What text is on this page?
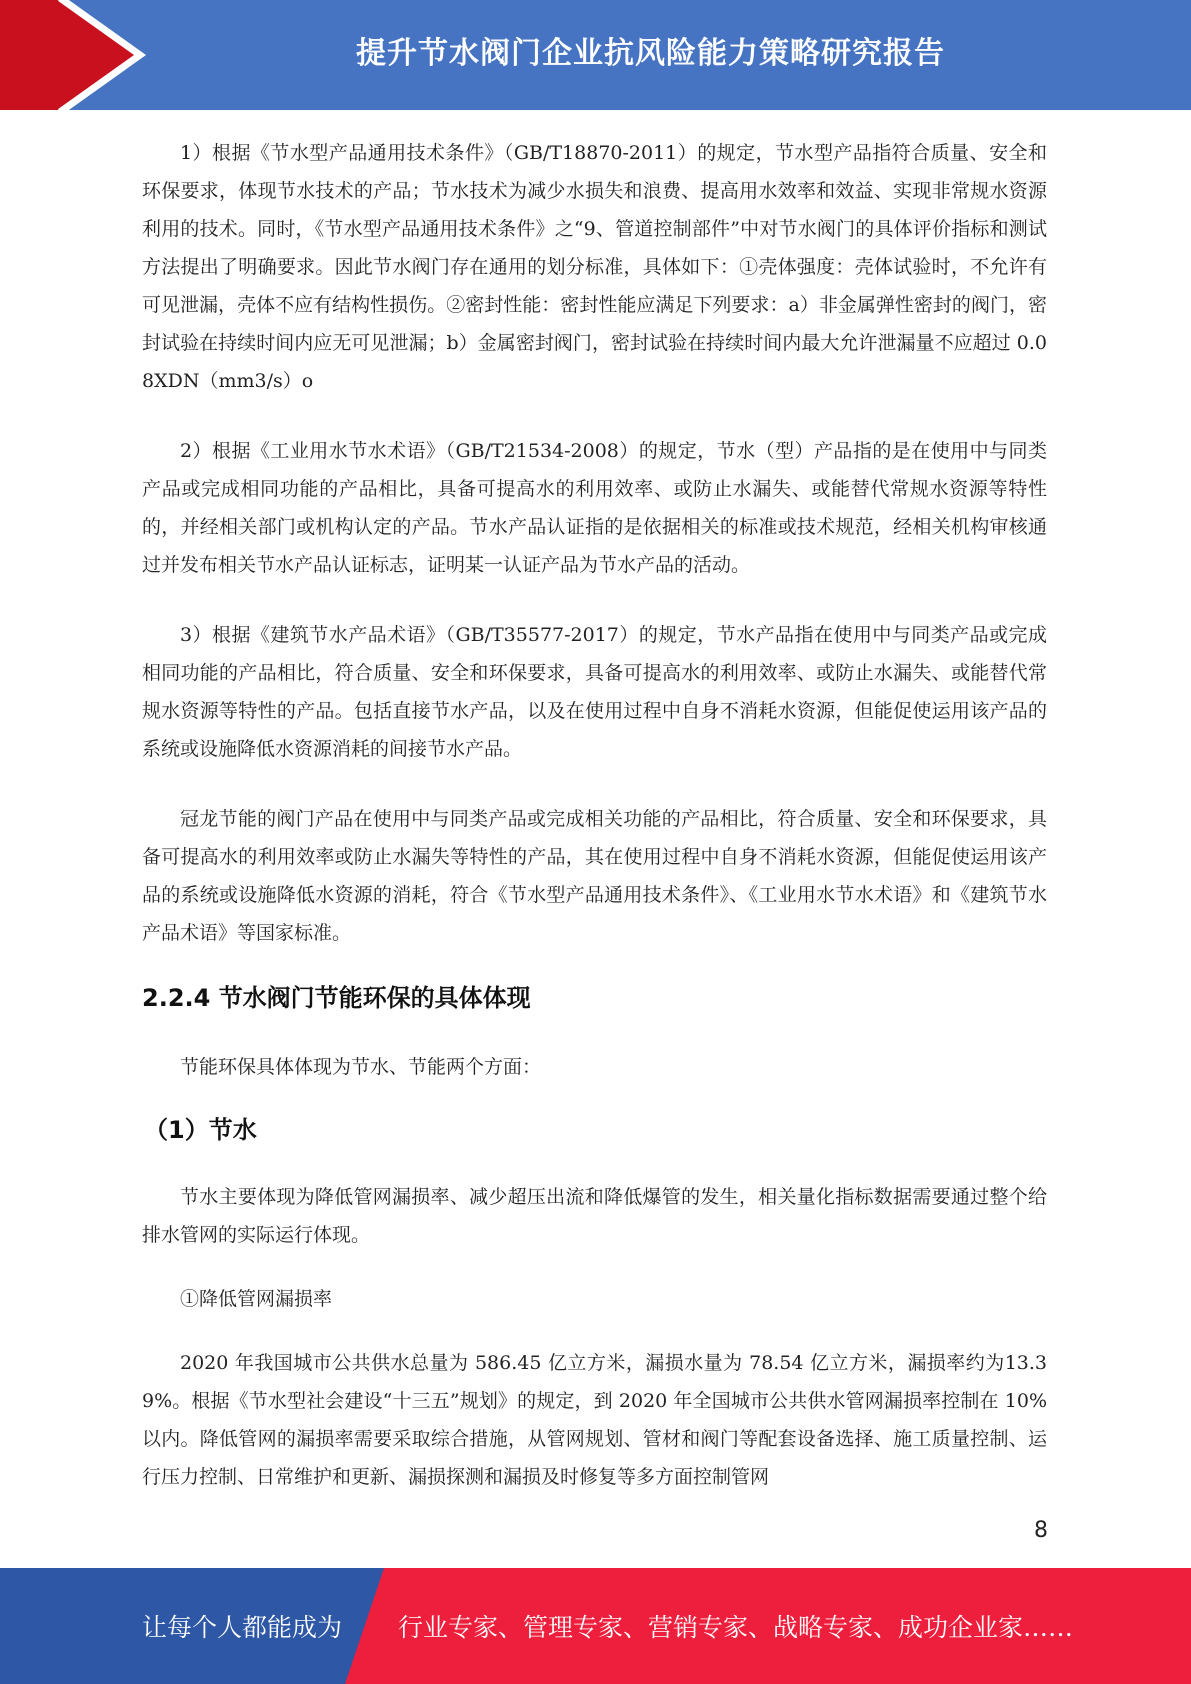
提升节水阀门企业抗风险能力策略研究报告

1）根据《节水型产品通用技术条件》（GB/T18870-2011）的规定，节水型产品指符合质量、安全和环保要求，体现节水技术的产品；节水技术为减少水损失和浪费、提高用水效率和效益、实现非常规水资源利用的技术。同时，《节水型产品通用技术条件》之“9、管道控制部件”中对节水阀门的具体评价指标和测试方法提出了明确要求。因此节水阀门存在通用的划分标准，具体如下：①壳体强度：壳体试验时，不允许有可见泄漏，壳体不应有结构性损伤。②密封性能：密封性能应满足下列要求：a）非金属弹性密封的阀门，密封试验在持续时间内应无可见泄漏；b）金属密封阀门，密封试验在持续时间内最大允许泄漏量不应超过 0.08XDN（mm3/s）o

2）根据《工业用水节水术语》（GB/T21534-2008）的规定，节水（型）产品指的是在使用中与同类产品或完成相同功能的产品相比，具备可提高水的利用效率、或防止水漏失、或能替代常规水资源等特性的，并经相关部门或机构认定的产品。节水产品认证指的是依据相关的标准或技术规范，经相关机构审核通过并发布相关节水产品认证标志，证明某一认证产品为节水产品的活动。

3）根据《建筑节水产品术语》（GB/T35577-2017）的规定，节水产品指在使用中与同类产品或完成相同功能的产品相比，符合质量、安全和环保要求，具备可提高水的利用效率、或防止水漏失、或能替代常规水资源等特性的产品。包括直接节水产品，以及在使用过程中自身不消耗水资源，但能促使运用该产品的系统或设施降低水资源消耗的间接节水产品。

冠龙节能的阀门产品在使用中与同类产品或完成相关功能的产品相比，符合质量、安全和环保要求，具备可提高水的利用效率或防止水漏失等特性的产品，其在使用过程中自身不消耗水资源，但能促使运用该产品的系统或设施降低水资源的消耗，符合《节水型产品通用技术条件》、《工业用水节水术语》和《建筑节水产品术语》等国家标准。

2.2.4 节水阀门节能环保的具体体现

节能环保具体体现为节水、节能两个方面：

（1）节水

节水主要体现为降低管网漏损率、减少超压出流和降低爆管的发生，相关量化指标数据需要通过整个给排水管网的实际运行体现。

①降低管网漏损率

2020 年我国城市公共供水总量为 586.45 亿立方米，漏损水量为 78.54 亿立方米，漏损率约为13.39%。根据《节水型社会建设“十三五”规划》的规定，到 2020 年全国城市公共供水管网漏损率控制在 10%以内。降低管网的漏损率需要采取综合措施，从管网规划、管材和阀门等配套设备选择、施工质量控制、运行压力控制、日常维护和更新、漏损探测和漏损及时修复等多方面控制管网

8
让每个人都能成为 行业专家、管理专家、营销专家、战略专家、成功企业家……
